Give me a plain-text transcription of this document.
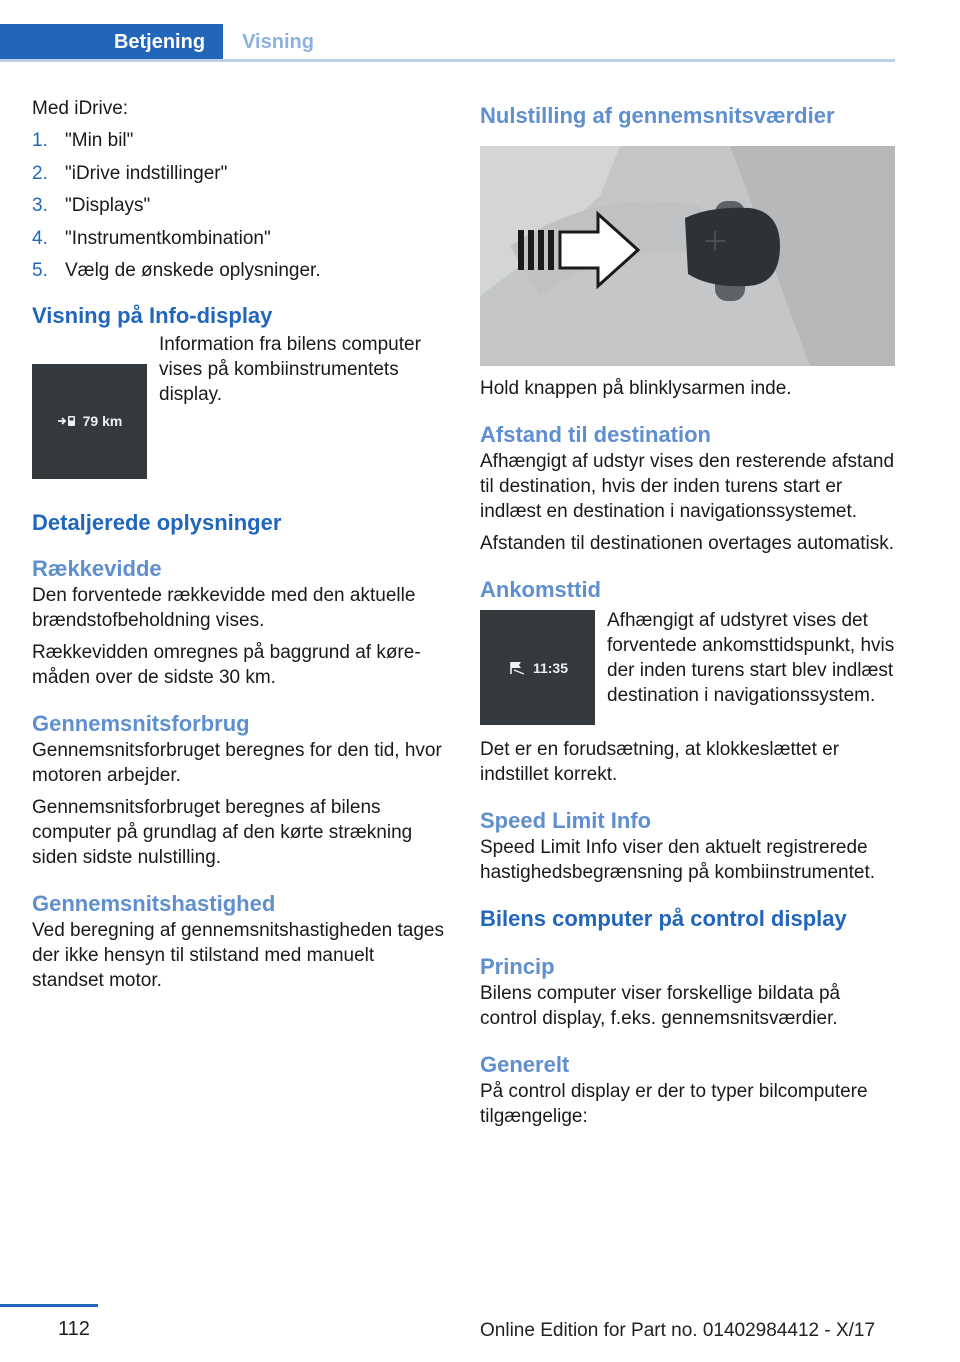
Betjening	Visning

Med iDrive:

1. "Min bil"
2. "iDrive indstillinger"
3. "Displays"
4. "Instrumentkombination"
5. Vælg de ønskede oplysninger.
Visning på Info-display
79 km
Information fra bilens computer vises på kombiinstrumentets display.
Detaljerede oplysninger
Rækkevidde

Den forventede rækkevidde med den aktuelle brændstofbeholdning vises.

Rækkevidden omregnes på baggrund af køremåden over de sidste 30 km.

Gennemsnitsforbrug

Gennemsnitsforbruget beregnes for den tid, hvor motoren arbejder.

Gennemsnitsforbruget beregnes af bilens computer på grundlag af den kørte strækning siden sidste nulstilling.

Gennemsnitshastighed

Ved beregning af gennemsnitshastigheden tages der ikke hensyn til stilstand med manuelt standset motor.

Nulstilling af gennemsnitsværdier

Hold knappen på blinklysarmen inde.

Afstand til destination

Afhængigt af udstyr vises den resterende afstand til destination, hvis der inden turens start er indlæst en destination i navigationssystemet.

Afstanden til destinationen overtages automatisk.

Ankomsttid
11:35
Afhængigt af udstyret vises det forventede ankomsttidspunkt, hvis der inden turens start blev indlæst destination i navigationssystem.

Det er en forudsætning, at klokkeslættet er indstillet korrekt.

Speed Limit Info

Speed Limit Info viser den aktuelt registrerede hastighedsbegrænsning på kombiinstrumentet.

Bilens computer på control display
Princip

Bilens computer viser forskellige bildata på control display, f.eks. gennemsnitsværdier.

Generelt

På control display er der to typer bilcomputere tilgængelige:

112	Online Edition for Part no. 01402984412 - X/17
